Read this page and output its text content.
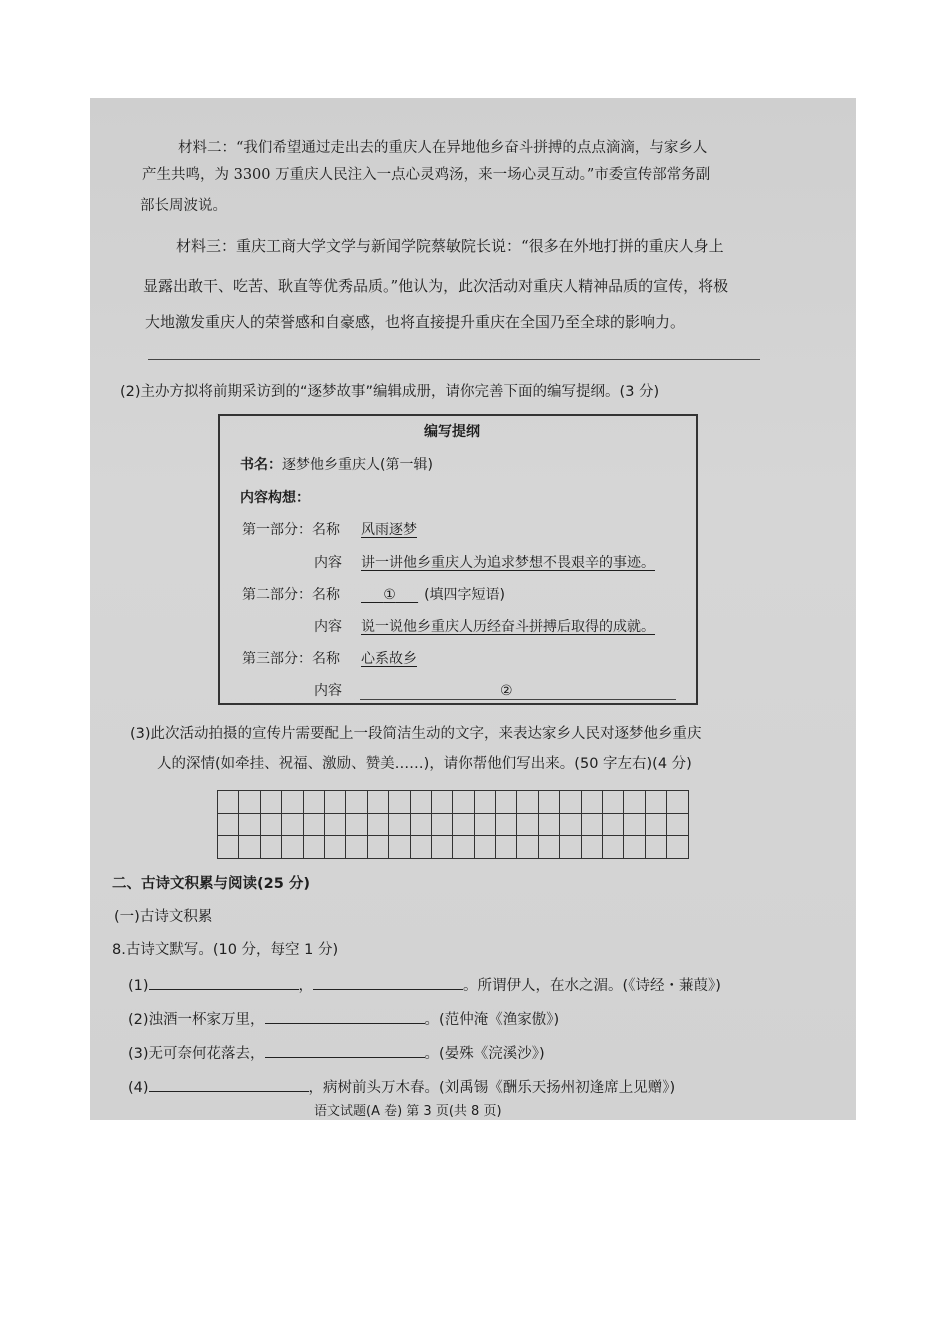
材料二：“我们希望通过走出去的重庆人在异地他乡奋斗拼搏的点点滴滴，与家乡人
产生共鸣，为 3300 万重庆人民注入一点心灵鸡汤，来一场心灵互动。”市委宣传部常务副
部长周波说。
材料三：重庆工商大学文学与新闻学院蔡敏院长说：“很多在外地打拼的重庆人身上
显露出敢干、吃苦、耿直等优秀品质。”他认为，此次活动对重庆人精神品质的宣传，将极
大地激发重庆人的荣誉感和自豪感，也将直接提升重庆在全国乃至全球的影响力。
(2)主办方拟将前期采访到的“逐梦故事”编辑成册，请你完善下面的编写提纲。(3 分)
编写提纲
书名：逐梦他乡重庆人(第一辑)
内容构想：
第一部分：名称 风雨逐梦
内容 讲一讲他乡重庆人为追求梦想不畏艰辛的事迹。
第二部分：名称	① (填四字短语)
内容 说一说他乡重庆人历经奋斗拼搏后取得的成就。
第三部分：名称 心系故乡
内容	②
(3)此次活动拍摄的宣传片需要配上一段简洁生动的文字，来表达家乡人民对逐梦他乡重庆
人的深情(如牵挂、祝福、激励、赞美……)，请你帮他们写出来。(50 字左右)(4 分)

二、古诗文积累与阅读(25 分)
(一)古诗文积累
8.古诗文默写。(10 分，每空 1 分)
(1)	，	。所谓伊人，在水之湄。(《诗经・蒹葭》)
(2)浊酒一杯家万里，	。(范仲淹《渔家傲》)
(3)无可奈何花落去，	。(晏殊《浣溪沙》)
(4)	，病树前头万木春。(刘禹锡《酬乐天扬州初逢席上见赠》)
语文试题(A 卷) 第 3 页(共 8 页)
